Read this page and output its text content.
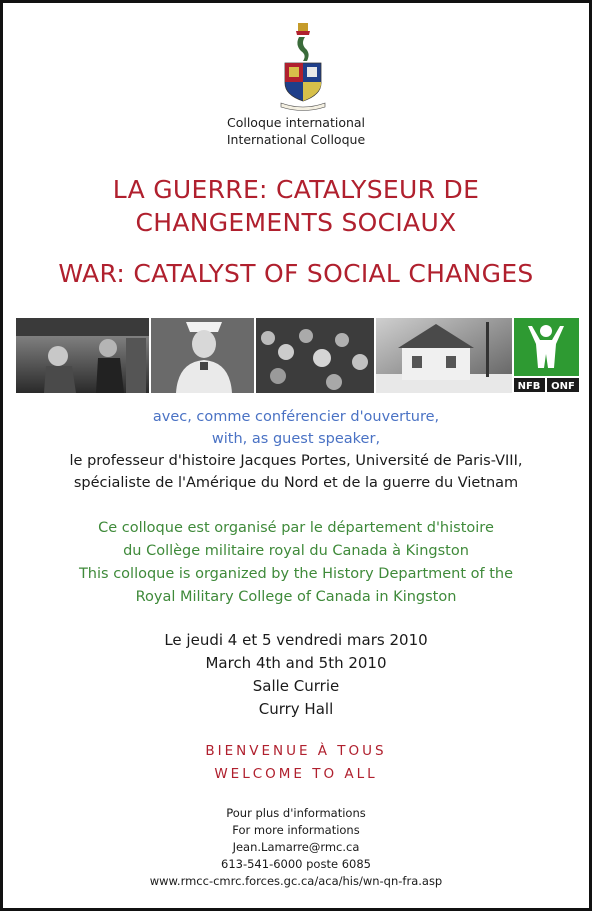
Colloque international
International Colloque
LA GUERRE: CATALYSEUR DE
CHANGEMENTS SOCIAUX
WAR: CATALYST OF SOCIAL CHANGES
NFB ONF
avec, comme conférencier d'ouverture,
with, as guest speaker,
le professeur d'histoire Jacques Portes, Université de Paris-VIII,
spécialiste de l'Amérique du Nord et de la guerre du Vietnam
Ce colloque est organisé par le département d'histoire
du Collège militaire royal du Canada à Kingston
This colloque is organized by the History Department of the
Royal Military College of Canada in Kingston
Le jeudi 4 et 5 vendredi mars 2010
March 4th and 5th 2010
Salle Currie
Curry Hall
BIENVENUE À TOUS
WELCOME TO ALL
Pour plus d'informations
For more informations
Jean.Lamarre@rmc.ca
613-541-6000 poste 6085
www.rmcc-cmrc.forces.gc.ca/aca/his/wn-qn-fra.asp
